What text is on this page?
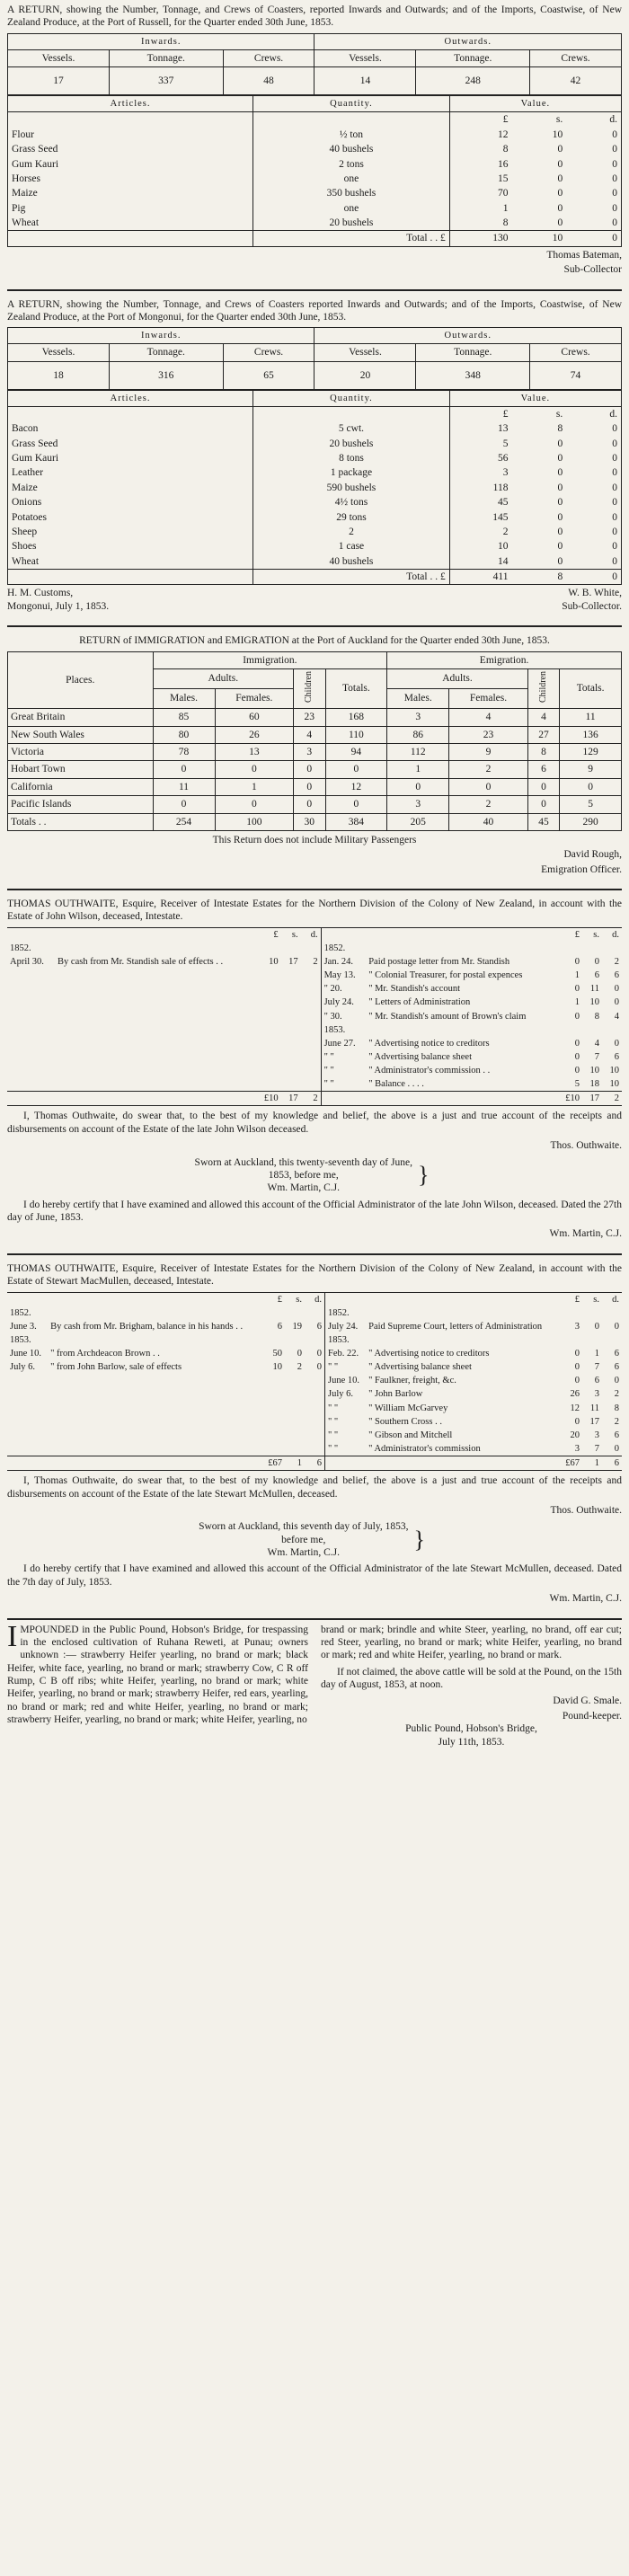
A RETURN, showing the Number, Tonnage, and Crews of Coasters, reported Inwards and Outwards; and of the Imports, Coastwise, of New Zealand Produce, at the Port of Russell, for the Quarter ended 30th June, 1853.
Inwards.			Outwards.		
Vessels.	Tonnage.	Crews.	Vessels.	Tonnage.	Crews.
17	337	48	14	248	42
Articles.	Quantity.	Value.

		£ s. d.

Flour	½ ton	12 10 0

Grass Seed	40 bushels	8 0 0

Gum Kauri	2 tons	16 0 0

Horses	one	15 0 0

Maize	350 bushels	70 0 0

Pig	one	1 0 0

Wheat	20 bushels	8 0 0

	Total . . £	130 10 0
Thomas Bateman,
Sub-Collector
A RETURN, showing the Number, Tonnage, and Crews of Coasters reported Inwards and Outwards; and of the Imports, Coastwise, of New Zealand Produce, at the Port of Mongonui, for the Quarter ended 30th June, 1853.
Inwards.			Outwards.		
Vessels.	Tonnage.	Crews.	Vessels.	Tonnage.	Crews.
18	316	65	20	348	74
Articles.	Quantity.	Value.

		£ s. d.

Bacon	5 cwt.	13 8 0

Grass Seed	20 bushels	5 0 0

Gum Kauri	8 tons	56 0 0

Leather	1 package	3 0 0

Maize	590 bushels	118 0 0

Onions	4½ tons	45 0 0

Potatoes	29 tons	145 0 0

Sheep	2	2 0 0

Shoes	1 case	10 0 0

Wheat	40 bushels	14 0 0

	Total . . £	411 8 0
H. M. Customs,
Mongonui, July 1, 1853.
W. B. White,
Sub-Collector.
RETURN of IMMIGRATION and EMIGRATION at the Port of Auckland for the Quarter ended 30th June, 1853.
Places.	Immigration.				Emigration.			
	Adults.		Children	Totals.	Adults.		Children	Totals.
	Males.	Females.			Males.	Females.		
Great Britain	85	60	23	168	3	4	4	11
New South Wales	80	26	4	110	86	23	27	136
Victoria	78	13	3	94	112	9	8	129
Hobart Town	0	0	0	0	1	2	6	9
California	11	1	0	12	0	0	0	0
Pacific Islands	0	0	0	0	3	2	0	5
Totals . .	254	100	30	384	205	40	45	290
This Return does not include Military Passengers
David Rough,
Emigration Officer.
THOMAS OUTHWAITE, Esquire, Receiver of Intestate Estates for the Northern Division of the Colony of New Zealand, in account with the Estate of John Wilson, deceased, Intestate.
		£	s.	d.			£	s.	d.
1852.					1852.				
April 30.	By cash from Mr. Standish sale of effects . .	10	17	2	Jan. 24.	Paid postage letter from Mr. Standish	0	0	2
					May 13.	" Colonial Treasurer, for postal expences	1	6	6
					" 20.	" Mr. Standish's account	0	11	0
					July 24.	" Letters of Administration	1	10	0
					" 30.	" Mr. Standish's amount of Brown's claim	0	8	4
					1853.				
					June 27.	" Advertising notice to creditors	0	4	0
					" "	" Advertising balance sheet	0	7	6
					" "	" Administrator's commission . .	0	10	10
					" "	" Balance . . . .	5	18	10
		£10	17	2			£10	17	2

I, Thomas Outhwaite, do swear that, to the best of my knowledge and belief, the above is a just and true account of the receipts and disbursements on account of the Estate of the late John Wilson deceased.

Thos. Outhwaite.
Sworn at Auckland, this twenty-seventh day of June,
1853, before me,
Wm. Martin, C.J.
}

I do hereby certify that I have examined and allowed this account of the Official Administrator of the late John Wilson, deceased. Dated the 27th day of June, 1853.

Wm. Martin, C.J.
THOMAS OUTHWAITE, Esquire, Receiver of Intestate Estates for the Northern Division of the Colony of New Zealand, in account with the Estate of Stewart MacMullen, deceased, Intestate.
		£	s.	d.			£	s.	d.
1852.					1852.				
June 3.	By cash from Mr. Brigham, balance in his hands . .	6	19	6	July 24.	Paid Supreme Court, letters of Administration	3	0	0
1853.					1853.				
June 10.	" from Archdeacon Brown . .	50	0	0	Feb. 22.	" Advertising notice to creditors	0	1	6
July 6.	" from John Barlow, sale of effects	10	2	0	" "	" Advertising balance sheet	0	7	6
					June 10.	" Faulkner, freight, &c.	0	6	0
					July 6.	" John Barlow	26	3	2
					" "	" William McGarvey	12	11	8
					" "	" Southern Cross . .	0	17	2
					" "	" Gibson and Mitchell	20	3	6
					" "	" Administrator's commission	3	7	0
		£67	1	6			£67	1	6

I, Thomas Outhwaite, do swear that, to the best of my knowledge and belief, the above is a just and true account of the receipts and disbursements on account of the Estate of the late Stewart McMullen, deceased.

Thos. Outhwaite.
Sworn at Auckland, this seventh day of July, 1853,
before me,
Wm. Martin, C.J.
}

I do hereby certify that I have examined and allowed this account of the Official Administrator of the late Stewart McMullen, deceased. Dated the 7th day of July, 1853.

Wm. Martin, C.J.
I MPOUNDED in the Public Pound, Hobson's Bridge, for trespassing in the enclosed cultivation of Ruhana Reweti, at Punau; owners unknown :— strawberry Heifer yearling, no brand or mark; black Heifer, white face, yearling, no brand or mark; strawberry Cow, C R off Rump, C B off ribs; white Heifer, yearling, no brand or mark; white Heifer, yearling, no brand or mark; strawberry Heifer, red ears, yearling, no brand or mark; red and white Heifer, yearling, no brand or mark; strawberry Heifer, yearling, no brand or mark; white Heifer, yearling, no
brand or mark; brindle and white Steer, yearling, no brand, off ear cut; red Steer, yearling, no brand or mark; white Heifer, yearling, no brand or mark; red and white Heifer, yearling, no brand or mark.

If not claimed, the above cattle will be sold at the Pound, on the 15th day of August, 1853, at noon.

David G. Smale.
Pound-keeper.
Public Pound, Hobson's Bridge,
July 11th, 1853.
